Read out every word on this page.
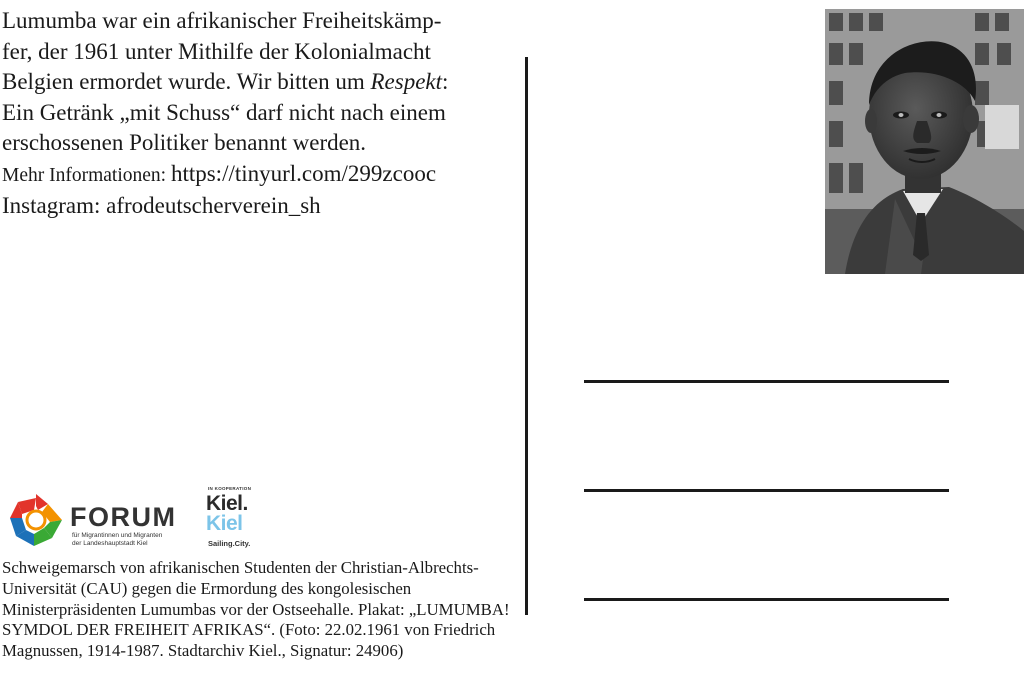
Lumumba war ein afrikanischer Freiheitskämp-

fer, der 1961 unter Mithilfe der Kolonialmacht

Belgien ermordet wurde. Wir bitten um Respekt:

Ein Getränk „mit Schuss“ darf nicht nach einem

erschossenen Politiker benannt werden.

Mehr Informationen: https://tinyurl.com/299zcooc

Instagram: afrodeutscherverein_sh

FORUM
für Migrantinnen und Migranten
der Landeshauptstadt Kiel
IN KOOPERATION
Kiel.
Kiel
Sailing.City.
Schweigemarsch von afrikanischen Studenten der Christian-Albrechts-Universität (CAU) gegen die Ermordung des kongolesischen Ministerpräsidenten Lumumbas vor der Ostseehalle. Plakat: „LUMUMBA! SYMDOL DER FREIHEIT AFRIKAS“. (Foto: 22.02.1961 von Friedrich Magnussen, 1914-1987. Stadtarchiv Kiel., Signatur: 24906)
